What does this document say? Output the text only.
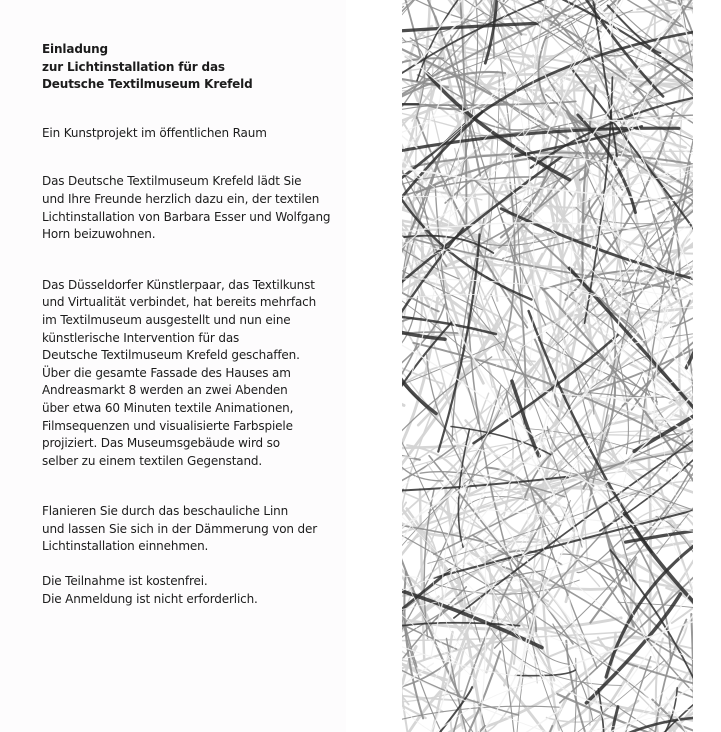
Einladung
zur Lichtinstallation für das
Deutsche Textilmuseum Krefeld

Ein Kunstprojekt im öffentlichen Raum

Das Deutsche Textilmuseum Krefeld lädt Sie
und Ihre Freunde herzlich dazu ein, der textilen
Lichtinstallation von Barbara Esser und Wolfgang
Horn beizuwohnen.

Das Düsseldorfer Künstlerpaar, das Textilkunst
und Virtualität verbindet, hat bereits mehrfach
im Textilmuseum ausgestellt und nun eine
künstlerische Intervention für das
Deutsche Textilmuseum Krefeld geschaffen.
Über die gesamte Fassade des Hauses am
Andreasmarkt 8 werden an zwei Abenden
über etwa 60 Minuten textile Animationen,
Filmsequenzen und visualisierte Farbspiele
projiziert. Das Museumsgebäude wird so
selber zu einem textilen Gegenstand.

Flanieren Sie durch das beschauliche Linn
und lassen Sie sich in der Dämmerung von der
Lichtinstallation einnehmen.

Die Teilnahme ist kostenfrei.
Die Anmeldung ist nicht erforderlich.
